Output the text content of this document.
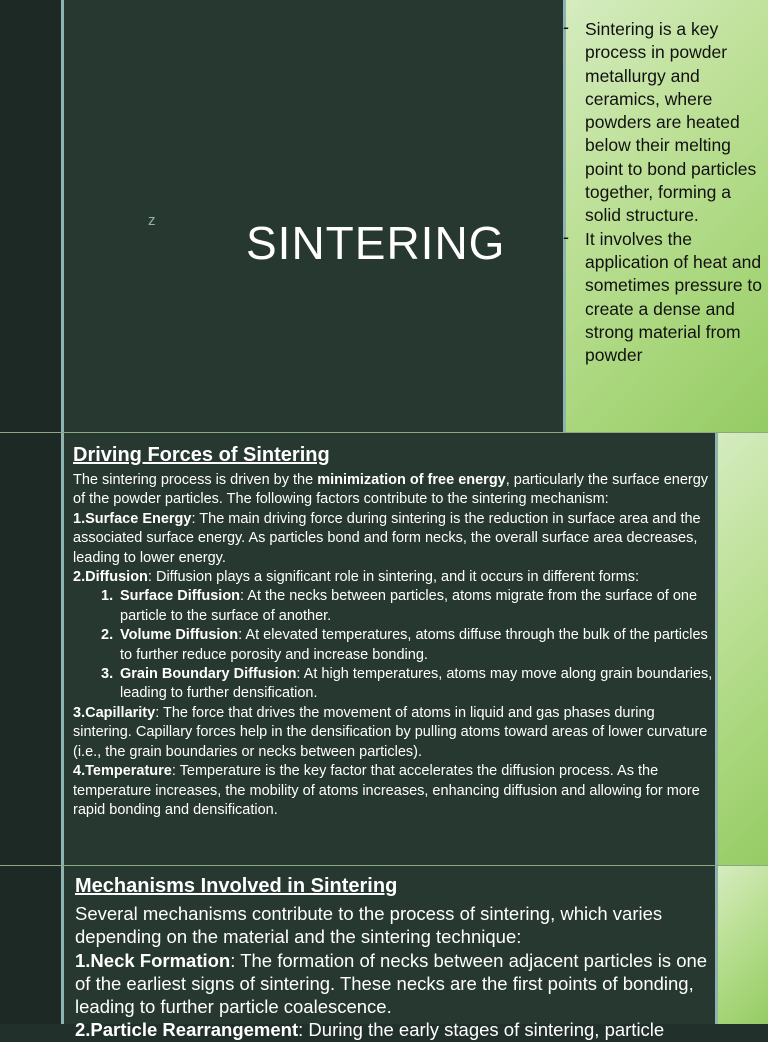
z SINTERING
- Sintering is a key process in powder metallurgy and ceramics, where powders are heated below their melting point to bond particles together, forming a solid structure.
- It involves the application of heat and sometimes pressure to create a dense and strong material from powder
Driving Forces of Sintering

The sintering process is driven by the minimization of free energy, particularly the surface energy of the powder particles. The following factors contribute to the sintering mechanism:

1.Surface Energy: The main driving force during sintering is the reduction in surface area and the associated surface energy. As particles bond and form necks, the overall surface area decreases, leading to lower energy.

2.Diffusion: Diffusion plays a significant role in sintering, and it occurs in different forms:

1. Surface Diffusion: At the necks between particles, atoms migrate from the surface of one particle to the surface of another.
2. Volume Diffusion: At elevated temperatures, atoms diffuse through the bulk of the particles to further reduce porosity and increase bonding.
3. Grain Boundary Diffusion: At high temperatures, atoms may move along grain boundaries, leading to further densification.

3.Capillarity: The force that drives the movement of atoms in liquid and gas phases during sintering. Capillary forces help in the densification by pulling atoms toward areas of lower curvature (i.e., the grain boundaries or necks between particles).

4.Temperature: Temperature is the key factor that accelerates the diffusion process. As the temperature increases, the mobility of atoms increases, enhancing diffusion and allowing for more rapid bonding and densification.

Mechanisms Involved in Sintering

Several mechanisms contribute to the process of sintering, which varies depending on the material and the sintering technique:

1.Neck Formation: The formation of necks between adjacent particles is one of the earliest signs of sintering. These necks are the first points of bonding, leading to further particle coalescence.

2.Particle Rearrangement: During the early stages of sintering, particle
